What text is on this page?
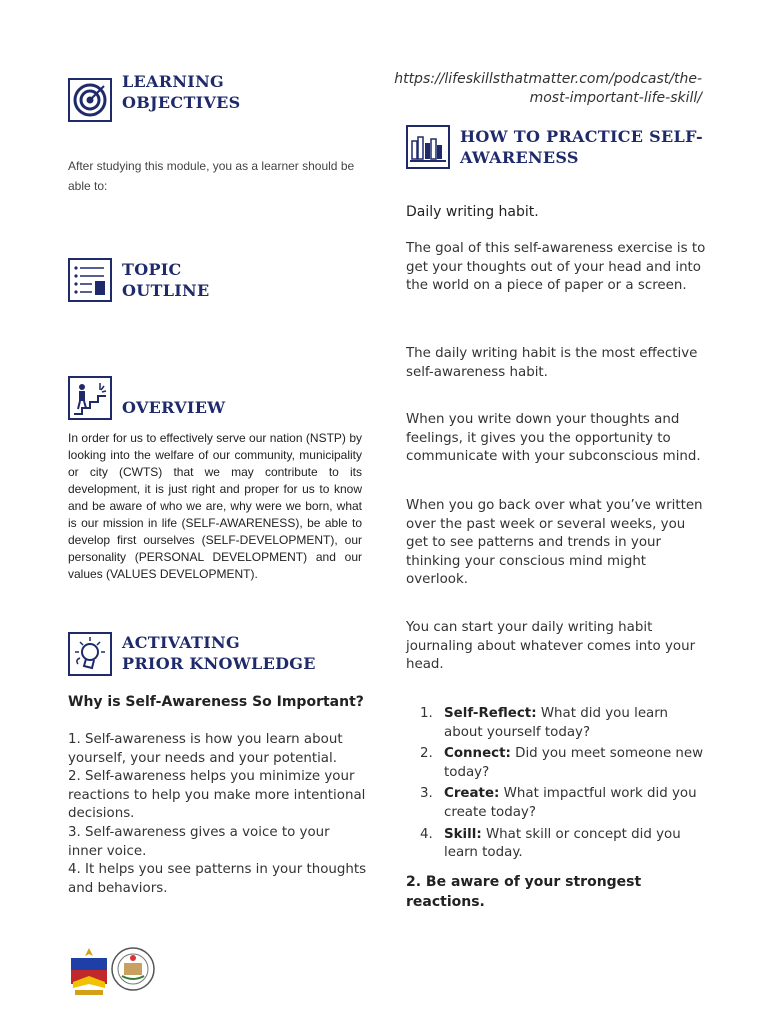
LEARNING
OBJECTIVES
After studying this module, you as a learner should be able to:
TOPIC
OUTLINE
OVERVIEW
In order for us to effectively serve our nation (NSTP) by looking into the welfare of our community, municipality or city (CWTS) that we may contribute to its development, it is just right and proper for us to know and be aware of who we are, why were we born, what is our mission in life (SELF-AWARENESS), be able to develop first ourselves (SELF-DEVELOPMENT), our personality (PERSONAL DEVELOPMENT) and our values (VALUES DEVELOPMENT).
ACTIVATING
PRIOR KNOWLEDGE
Why is Self-Awareness So Important?
1. Self-awareness is how you learn about yourself, your needs and your potential.
2. Self-awareness helps you minimize your reactions to help you make more intentional decisions.
3. Self-awareness gives a voice to your inner voice.
4. It helps you see patterns in your thoughts and behaviors.
https://lifeskillsthatmatter.com/podcast/the-most-important-life-skill/
HOW TO PRACTICE SELF-
AWARENESS
Daily writing habit.
The goal of this self-awareness exercise is to get your thoughts out of your head and into the world on a piece of paper or a screen.
The daily writing habit is the most effective self-awareness habit.
When you write down your thoughts and feelings, it gives you the opportunity to communicate with your subconscious mind.
When you go back over what you’ve written over the past week or several weeks, you get to see patterns and trends in your thinking your conscious mind might overlook.
You can start your daily writing habit journaling about whatever comes into your head.
1. Self-Reflect: What did you learn about yourself today?
2. Connect: Did you meet someone new today?
3. Create: What impactful work did you create today?
4. Skill: What skill or concept did you learn today.
2. Be aware of your strongest reactions.
